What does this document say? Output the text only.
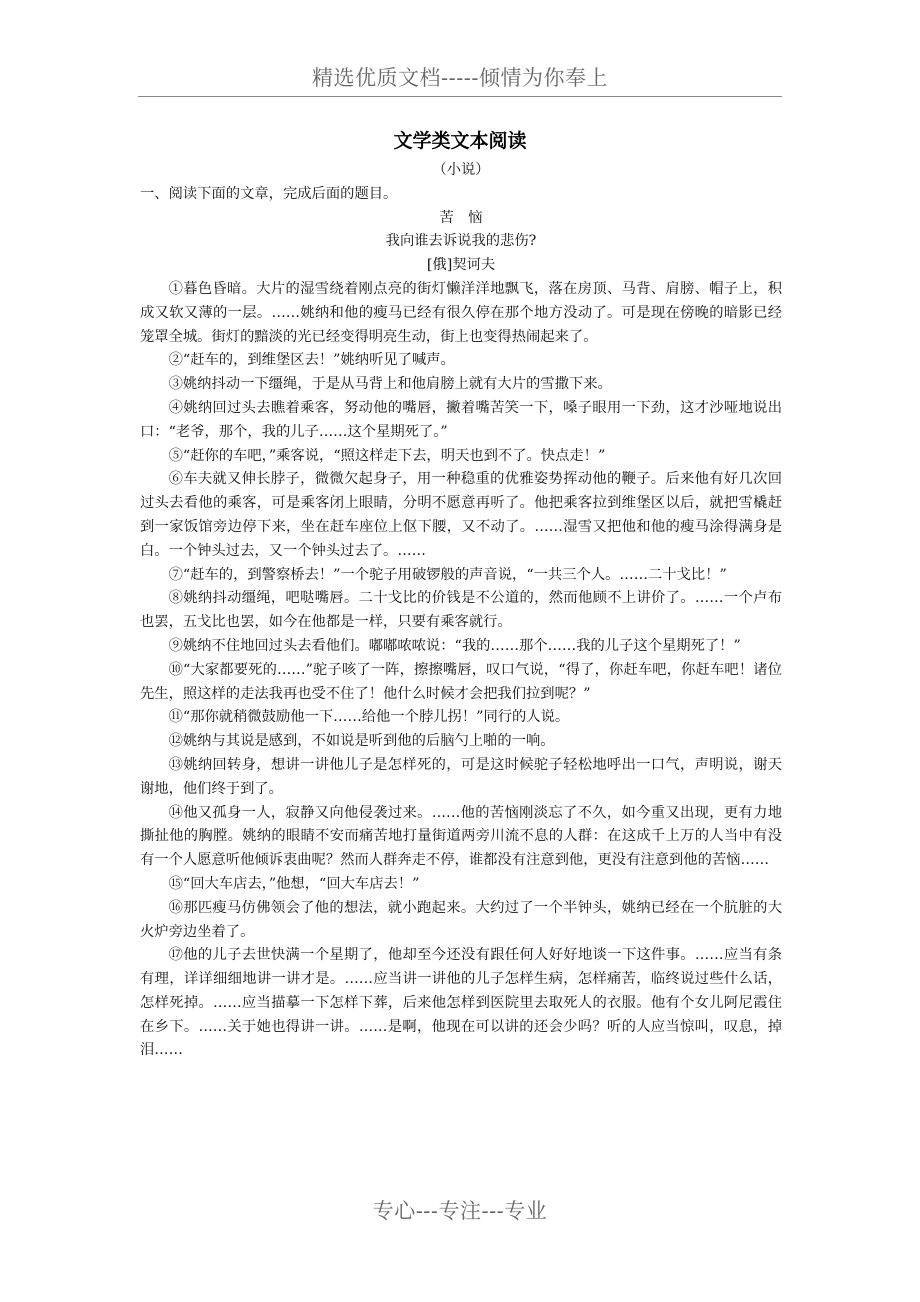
精选优质文档-----倾情为你奉上
文学类文本阅读
（小说）
一、阅读下面的文章，完成后面的题目。
苦　恼
我向谁去诉说我的悲伤?
[俄]契诃夫
①暮色昏暗。大片的湿雪绕着刚点亮的街灯懒洋洋地飘飞，落在房顶、马背、肩膀、帽子上，积成又软又薄的一层。……姚纳和他的瘦马已经有很久停在那个地方没动了。可是现在傍晚的暗影已经笼罩全城。街灯的黯淡的光已经变得明亮生动，街上也变得热闹起来了。
②“赶车的，到维堡区去！”姚纳听见了喊声。
③姚纳抖动一下缰绳，于是从马背上和他肩膀上就有大片的雪撒下来。
④姚纳回过头去瞧着乘客，努动他的嘴唇，撇着嘴苦笑一下，嗓子眼用一下劲，这才沙哑地说出口：“老爷，那个，我的儿子……这个星期死了。”
⑤“赶你的车吧，”乘客说，“照这样走下去，明天也到不了。快点走！”
⑥车夫就又伸长脖子，微微欠起身子，用一种稳重的优雅姿势挥动他的鞭子。后来他有好几次回过头去看他的乘客，可是乘客闭上眼睛，分明不愿意再听了。他把乘客拉到维堡区以后，就把雪橇赶到一家饭馆旁边停下来，坐在赶车座位上伛下腰，又不动了。……湿雪又把他和他的瘦马涂得满身是白。一个钟头过去，又一个钟头过去了。……
⑦“赶车的，到警察桥去！”一个驼子用破锣般的声音说，“一共三个人。……二十戈比！”
⑧姚纳抖动缰绳，吧哒嘴唇。二十戈比的价钱是不公道的，然而他顾不上讲价了。……一个卢布也罢，五戈比也罢，如今在他都是一样，只要有乘客就行。
⑨姚纳不住地回过头去看他们。嘟嘟哝哝说：“我的……那个……我的儿子这个星期死了！”
⑩“大家都要死的……”驼子咳了一阵，擦擦嘴唇，叹口气说，“得了，你赶车吧，你赶车吧！诸位先生，照这样的走法我再也受不住了！他什么时候才会把我们拉到呢？”
⑪“那你就稍微鼓励他一下……给他一个脖儿拐！”同行的人说。
⑫姚纳与其说是感到，不如说是听到他的后脑勺上啪的一响。
⑬姚纳回转身，想讲一讲他儿子是怎样死的，可是这时候驼子轻松地呼出一口气，声明说，谢天谢地，他们终于到了。
⑭他又孤身一人，寂静又向他侵袭过来。……他的苦恼刚淡忘了不久，如今重又出现，更有力地撕扯他的胸膛。姚纳的眼睛不安而痛苦地打量街道两旁川流不息的人群：在这成千上万的人当中有没有一个人愿意听他倾诉衷曲呢？然而人群奔走不停，谁都没有注意到他，更没有注意到他的苦恼……
⑮“回大车店去，”他想，“回大车店去！”
⑯那匹瘦马仿佛领会了他的想法，就小跑起来。大约过了一个半钟头，姚纳已经在一个肮脏的大火炉旁边坐着了。
⑰他的儿子去世快满一个星期了，他却至今还没有跟任何人好好地谈一下这件事。……应当有条有理，详详细细地讲一讲才是。……应当讲一讲他的儿子怎样生病，怎样痛苦，临终说过些什么话，怎样死掉。……应当描摹一下怎样下葬，后来他怎样到医院里去取死人的衣服。他有个女儿阿尼霞住在乡下。……关于她也得讲一讲。……是啊，他现在可以讲的还会少吗？听的人应当惊叫，叹息，掉泪……
专心---专注---专业
